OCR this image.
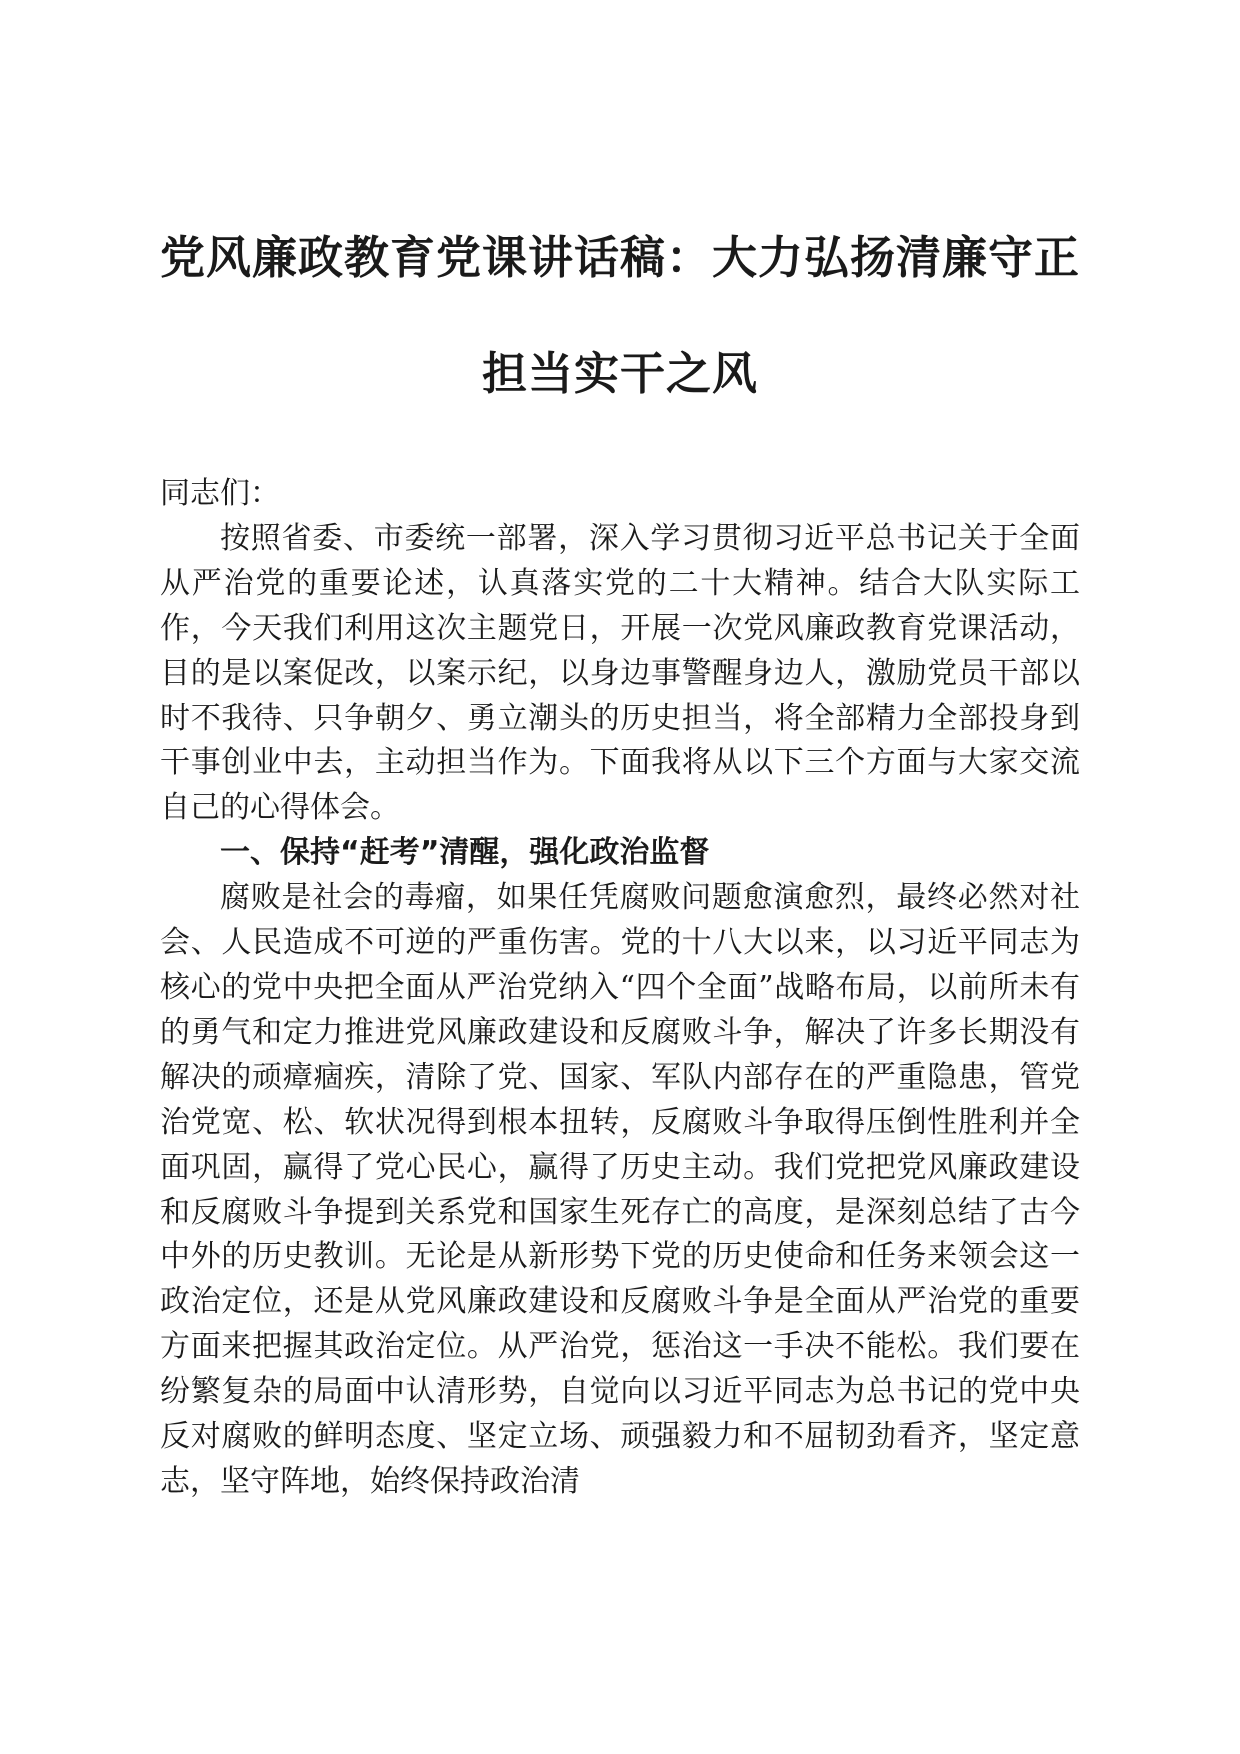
党风廉政教育党课讲话稿：大力弘扬清廉守正
担当实干之风

同志们：

按照省委、市委统一部署，深入学习贯彻习近平总书记关于全面从严治党的重要论述，认真落实党的二十大精神。结合大队实际工作，今天我们利用这次主题党日，开展一次党风廉政教育党课活动，目的是以案促改，以案示纪，以身边事警醒身边人，激励党员干部以时不我待、只争朝夕、勇立潮头的历史担当，将全部精力全部投身到干事创业中去，主动担当作为。下面我将从以下三个方面与大家交流自己的心得体会。

一、保持“赶考”清醒，强化政治监督

腐败是社会的毒瘤，如果任凭腐败问题愈演愈烈，最终必然对社会、人民造成不可逆的严重伤害。党的十八大以来，以习近平同志为核心的党中央把全面从严治党纳入“四个全面”战略布局，以前所未有的勇气和定力推进党风廉政建设和反腐败斗争，解决了许多长期没有解决的顽瘴痼疾，清除了党、国家、军队内部存在的严重隐患，管党治党宽、松、软状况得到根本扭转，反腐败斗争取得压倒性胜利并全面巩固，赢得了党心民心，赢得了历史主动。我们党把党风廉政建设和反腐败斗争提到关系党和国家生死存亡的高度，是深刻总结了古今中外的历史教训。无论是从新形势下党的历史使命和任务来领会这一政治定位，还是从党风廉政建设和反腐败斗争是全面从严治党的重要方面来把握其政治定位。从严治党，惩治这一手决不能松。我们要在纷繁复杂的局面中认清形势，自觉向以习近平同志为总书记的党中央反对腐败的鲜明态度、坚定立场、顽强毅力和不屈韧劲看齐，坚定意志，坚守阵地，始终保持政治清
